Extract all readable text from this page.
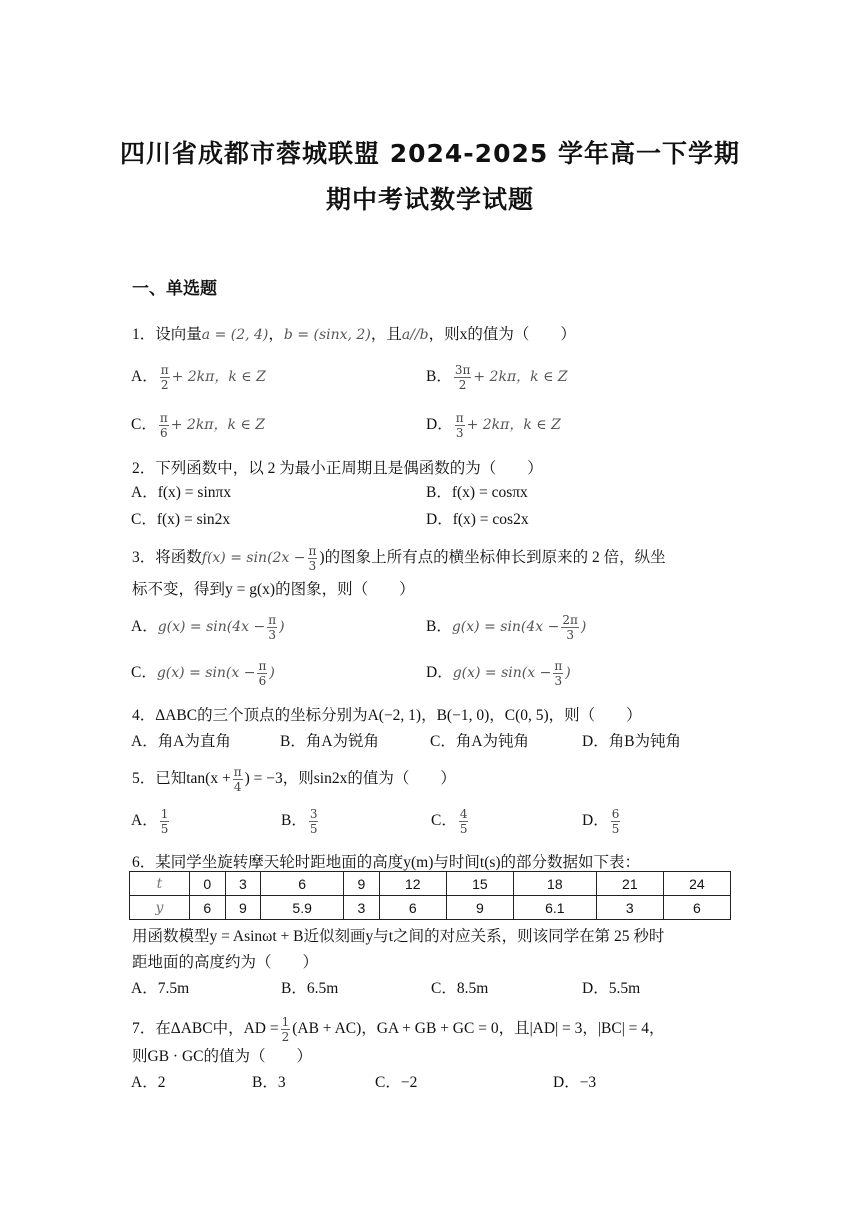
四川省成都市蓉城联盟 2024-2025 学年高一下学期
期中考试数学试题
一、单选题
1．设向量a = (2, 4)，b = (sinx, 2)，且a//b，则x的值为（　　）
A． $\frac{\pi}{2} + 2k\pi$，k ∈ Z	B． $\frac{3\pi}{2} + 2k\pi$，k ∈ Z
C． $\frac{\pi}{6} + 2k\pi$，k ∈ Z	D． $\frac{\pi}{3} + 2k\pi$，k ∈ Z
2．下列函数中，以 2 为最小正周期且是偶函数的为（　　）
A．f(x) = sinπx	B．f(x) = cosπx
C．f(x) = sin2x	D．f(x) = cos2x
3．将函数$f(x) = \sin(2x - \frac{\pi}{3}$ )的图象上所有点的横坐标伸长到原来的 2 倍，纵坐
标不变，得到y = g(x)的图象，则（　　）
A．$g(x) = \sin(4x - \frac{\pi}{3}$ )	B．$g(x) = \sin(4x - \frac{2\pi}{3}$ )
C．$g(x) = \sin(x - \frac{\pi}{6}$ )	D．$g(x) = \sin(x - \frac{\pi}{3}$ )
4．ΔABC的三个顶点的坐标分别为A(−2, 1)，B(−1, 0)，C(0, 5)，则（　　）
A．角A为直角	B．角A为锐角	C．角A为钝角	D．角B为钝角
5．已知$\tan(x + \frac{\pi}{4}$ ) = −3，则sin2x的值为（　　）
A． $\frac{1}{5}$	B． $\frac{3}{5}$	C． $\frac{4}{5}$	D． $\frac{6}{5}$
6．某同学坐旋转摩天轮时距地面的高度y(m)与时间t(s)的部分数据如下表：
t	0	3	6	9	12	15	18	21	24
y	6	9	5.9	3	6	9	6.1	3	6
用函数模型y = Asinωt + B近似刻画y与t之间的对应关系，则该同学在第 25 秒时
距地面的高度约为（　　）
A．7.5m	B．6.5m	C．8.5m	D．5.5m
7．在ΔABC中，AD = $\frac{1}{2} (AB + AC)$，GA + GB + GC = 0，且|AD| = 3，|BC| = 4，
则GB · GC的值为（　　）
A．2	B．3	C．−2	D．−3
